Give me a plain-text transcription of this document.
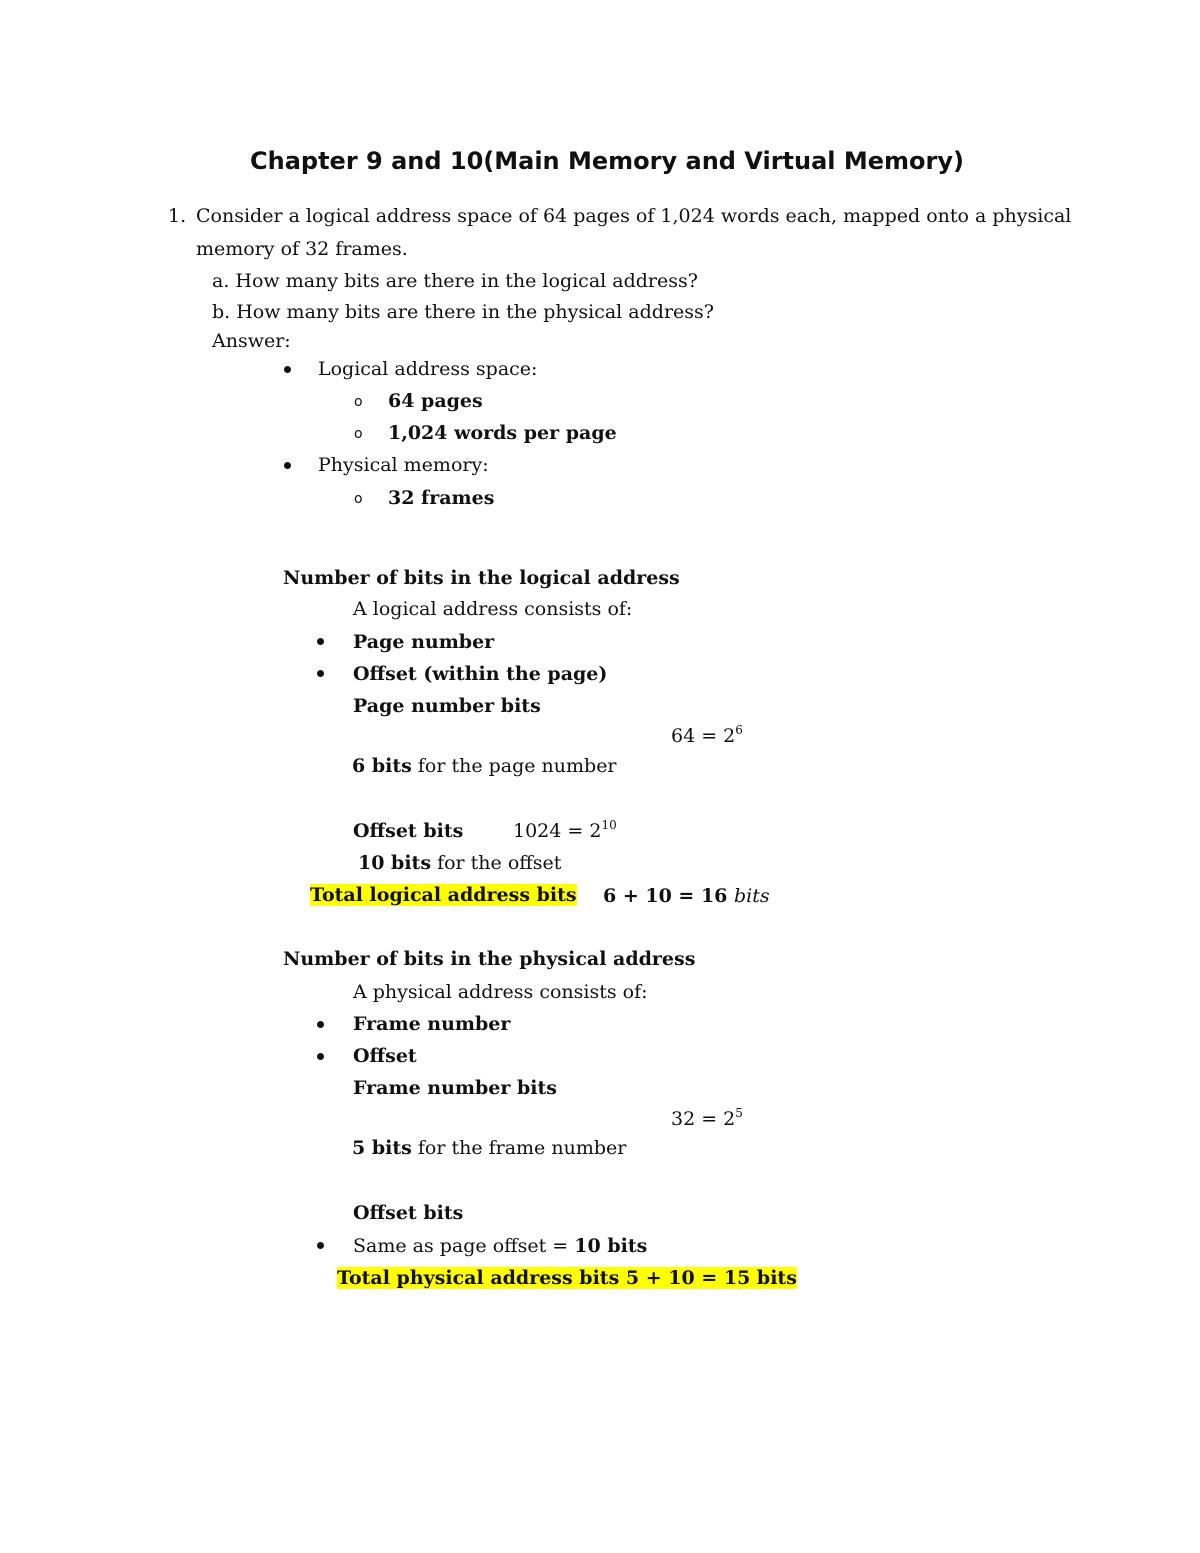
Chapter 9 and 10(Main Memory and Virtual Memory)
1. Consider a logical address space of 64 pages of 1,024 words each, mapped onto a physical
memory of 32 frames.
a. How many bits are there in the logical address?
b. How many bits are there in the physical address?
Answer:
Logical address space:
o 64 pages
o 1,024 words per page
Physical memory:
o 32 frames
Number of bits in the logical address
A logical address consists of:
Page number
Offset (within the page)
Page number bits
$64 = 2^6$
6 bits for the page number
Offset bits	$1024 = 2^{10}$
10 bits for the offset
Total logical address bits 6 + 10 = 16 bits
Number of bits in the physical address
A physical address consists of:
Frame number
Offset
Frame number bits
$32 = 2^5$
5 bits for the frame number
Offset bits
Same as page offset = 10 bits
Total physical address bits 5 + 10 = 15 bits
